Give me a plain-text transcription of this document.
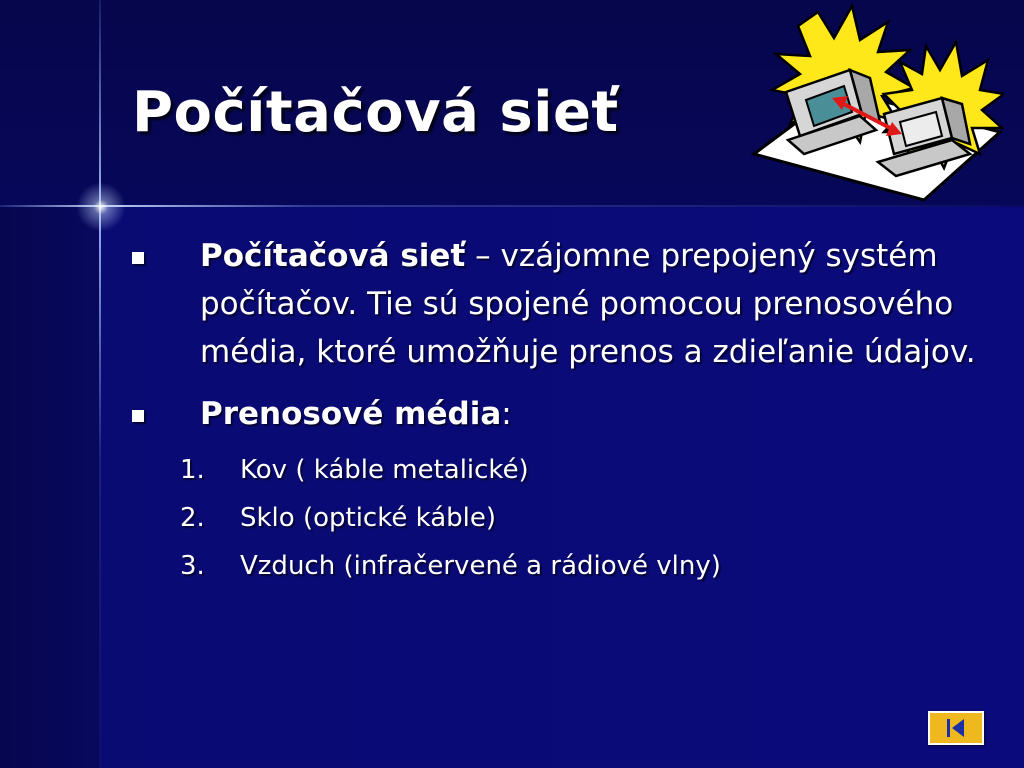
Počítačová sieť
Počítačová sieť – vzájomne prepojený systém počítačov. Tie sú spojené pomocou prenosového média, ktoré umožňuje prenos a zdieľanie údajov.
Prenosové média:
1. Kov ( káble metalické)
2. Sklo (optické káble)
3. Vzduch (infračervené a rádiové vlny)
